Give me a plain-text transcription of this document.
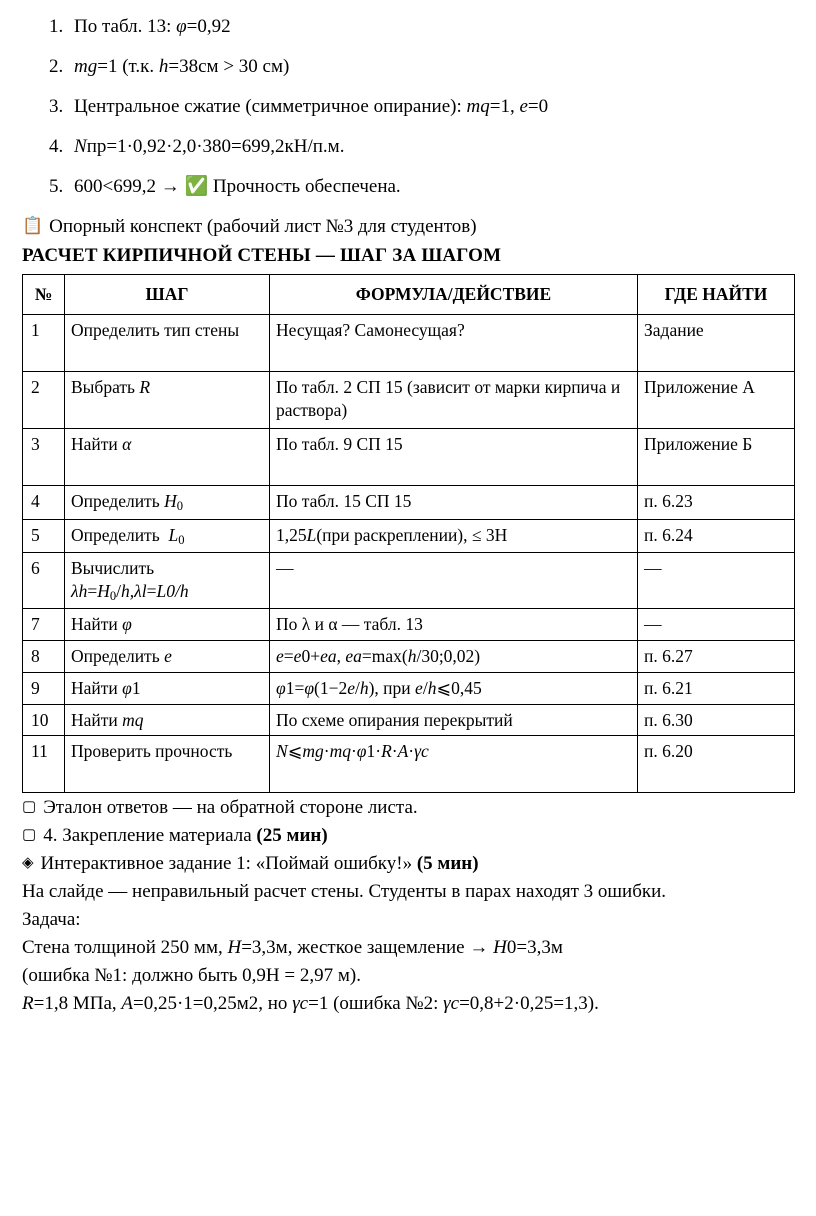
1. По табл. 13: φ=0,92
2. mg=1 (т.к. h=38см > 30 см)
3. Центральное сжатие (симметричное опирание): mq=1, e=0
4. Nпр=1·0,92·2,0·380=699,2кН/п.м.
5. 600<699,2 → ✅ Прочность обеспечена.
📋 Опорный конспект (рабочий лист №3 для студентов)
РАСЧЕТ КИРПИЧНОЙ СТЕНЫ — ШАГ ЗА ШАГОМ
№	ШАГ	ФОРМУЛА/ДЕЙСТВИЕ	ГДЕ НАЙТИ
1	Определить тип стены	Несущая? Самонесущая?	Задание
2	Выбрать R	По табл. 2 СП 15 (зависит от марки кирпича и раствора)	Приложение А
3	Найти α	По табл. 9 СП 15	Приложение Б
4	Определить $H_0$	По табл. 15 СП 15	п. 6.23
5	Определить  $L_0$	1,25L(при раскреплении), ≤ 3Н	п. 6.24
6	Вычислить $\lambda h=H_0/h,\lambda l=L0/h$	—	—
7	Найти φ	По λ и α — табл. 13	—
8	Определить e	e=e0+ea, ea=max(h/30;0,02)	п. 6.27
9	Найти φ1	φ1=φ(1−2e/h), при e/h⩽0,45	п. 6.21
10	Найти mq	По схеме опирания перекрытий	п. 6.30
11	Проверить прочность	N⩽mg·mq·φ1·R·A·γс	п. 6.20
▢ Эталон ответов — на обратной стороне листа.
▢ 4. Закрепление материала (25 мин)
◈ Интерактивное задание 1: «Поймай ошибку!» (5 мин)
На слайде — неправильный расчет стены. Студенты в парах находят 3 ошибки.
Задача:
Стена толщиной 250 мм, H=3,3м, жесткое защемление → H0=3,3м
(ошибка №1: должно быть 0,9H = 2,97 м).
R=1,8 МПа, A=0,25·1=0,25м2, но γс=1 (ошибка №2: γс=0,8+2·0,25=1,3).
